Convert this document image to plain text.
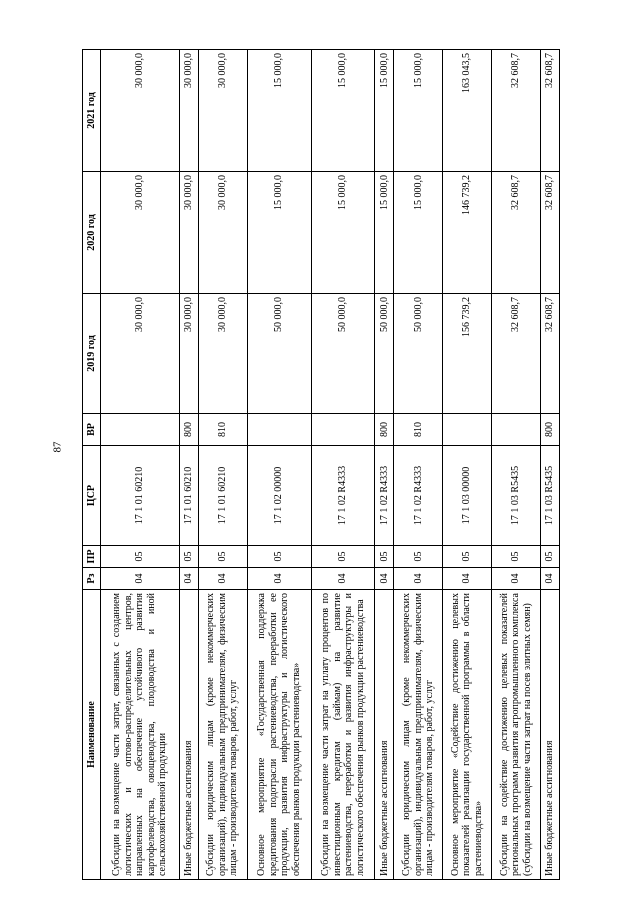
87
Наименование	Рз	ПР	ЦСР	ВР	2019 год	2020 год	2021 год
Субсидии на возмещение части затрат, связанных с созданием логистических и оптово-распределительных центров, направленных на обеспечение устойчивого развития картофелеводства, овощеводства, плодоводства и иной сельскохозяйственной продукции	04	05	17 1 01 60210		30 000,0	30 000,0	30 000,0
Иные бюджетные ассигнования	04	05	17 1 01 60210	800	30 000,0	30 000,0	30 000,0
Субсидии юридическим лицам (кроме некоммерческих организаций), индивидуальным предпринимателям, физическим лицам - производителям товаров, работ, услуг	04	05	17 1 01 60210	810	30 000,0	30 000,0	30 000,0
Основное мероприятие «Государственная поддержка кредитования подотрасли растениеводства, переработки ее продукции, развития инфраструктуры и логистического обеспечения рынков продукции растениеводства»	04	05	17 1 02 00000		50 000,0	15 000,0	15 000,0
Субсидии на возмещение части затрат на уплату процентов по инвестиционным кредитам (займам) на развитие растениеводства, переработки и развития инфраструктуры и логистического обеспечения рынков продукции растениеводства	04	05	17 1 02 R4333		50 000,0	15 000,0	15 000,0
Иные бюджетные ассигнования	04	05	17 1 02 R4333	800	50 000,0	15 000,0	15 000,0
Субсидии юридическим лицам (кроме некоммерческих организаций), индивидуальным предпринимателям, физическим лицам - производителям товаров, работ, услуг	04	05	17 1 02 R4333	810	50 000,0	15 000,0	15 000,0
Основное мероприятие «Содействие достижению целевых показателей реализации государственной программы в области растениеводства»	04	05	17 1 03 00000		156 739,2	146 739,2	163 043,5
Субсидии на содействие достижению целевых показателей региональных программ развития агропромышленного комплекса (субсидии на возмещение части затрат на посев элитных семян)	04	05	17 1 03 R5435		32 608,7	32 608,7	32 608,7
Иные бюджетные ассигнования	04	05	17 1 03 R5435	800	32 608,7	32 608,7	32 608,7
